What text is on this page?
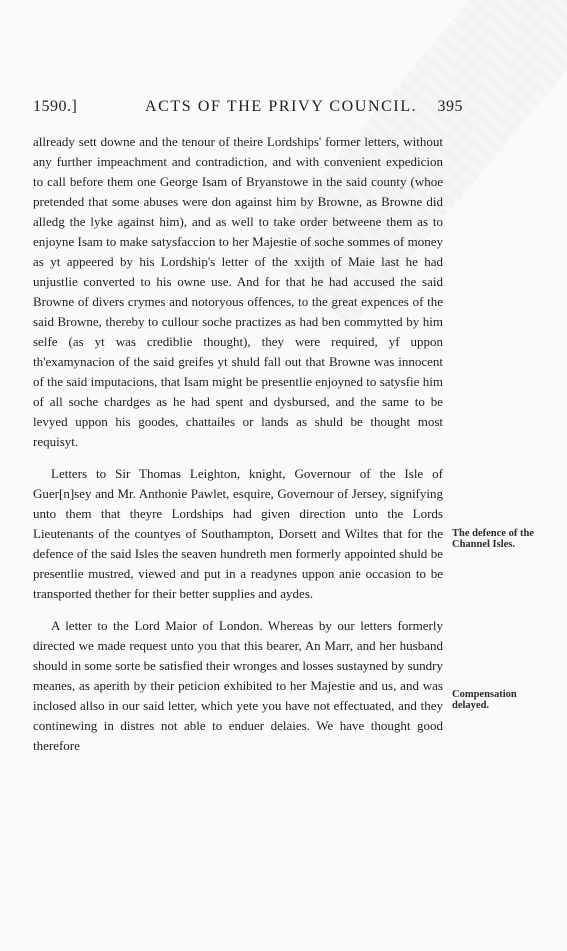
1590.]	ACTS OF THE PRIVY COUNCIL. 395

allready sett downe and the tenour of theire Lordships' former letters, without any further impeachment and contradiction, and with convenient expedicion to call before them one George Isam of Bryanstowe in the said county (whoe pretended that some abuses were don against him by Browne, as Browne did alledg the lyke against him), and as well to take order betweene them as to enjoyne Isam to make satysfaccion to her Majestie of soche sommes of money as yt appeered by his Lordship's letter of the xxijth of Maie last he had unjustlie converted to his owne use. And for that he had accused the said Browne of divers crymes and notoryous offences, to the great expences of the said Browne, thereby to cullour soche practizes as had ben commytted by him selfe (as yt was crediblie thought), they were required, yf uppon th'examynacion of the said greifes yt shuld fall out that Browne was innocent of the said imputacions, that Isam might be presentlie enjoyned to satysfie him of all soche chardges as he had spent and dysbursed, and the same to be levyed uppon his goodes, chattailes or lands as shuld be thought most requisyt.

Letters to Sir Thomas Leighton, knight, Governour of the Isle of Guer[n]sey and Mr. Anthonie Pawlet, esquire, Governour of Jersey, signifying unto them that theyre Lordships had given direction unto the Lords Lieutenants of the countyes of Southampton, Dorsett and Wiltes that for the defence of the said Isles the seaven hundreth men formerly appointed shuld be presentlie mustred, viewed and put in a readynes uppon anie occasion to be transported thether for their better supplies and aydes.

A letter to the Lord Maior of London. Whereas by our letters formerly directed we made request unto you that this bearer, An Marr, and her husband should in some sorte be satisfied their wronges and losses sustayned by sundry meanes, as aperith by their peticion exhibited to her Majestie and us, and was inclosed allso in our said letter, which yete you have not effectuated, and they continewing in distres not able to enduer delaies. We have thought good therefore

The defence of the Channel Isles.
Compensation delayed.
